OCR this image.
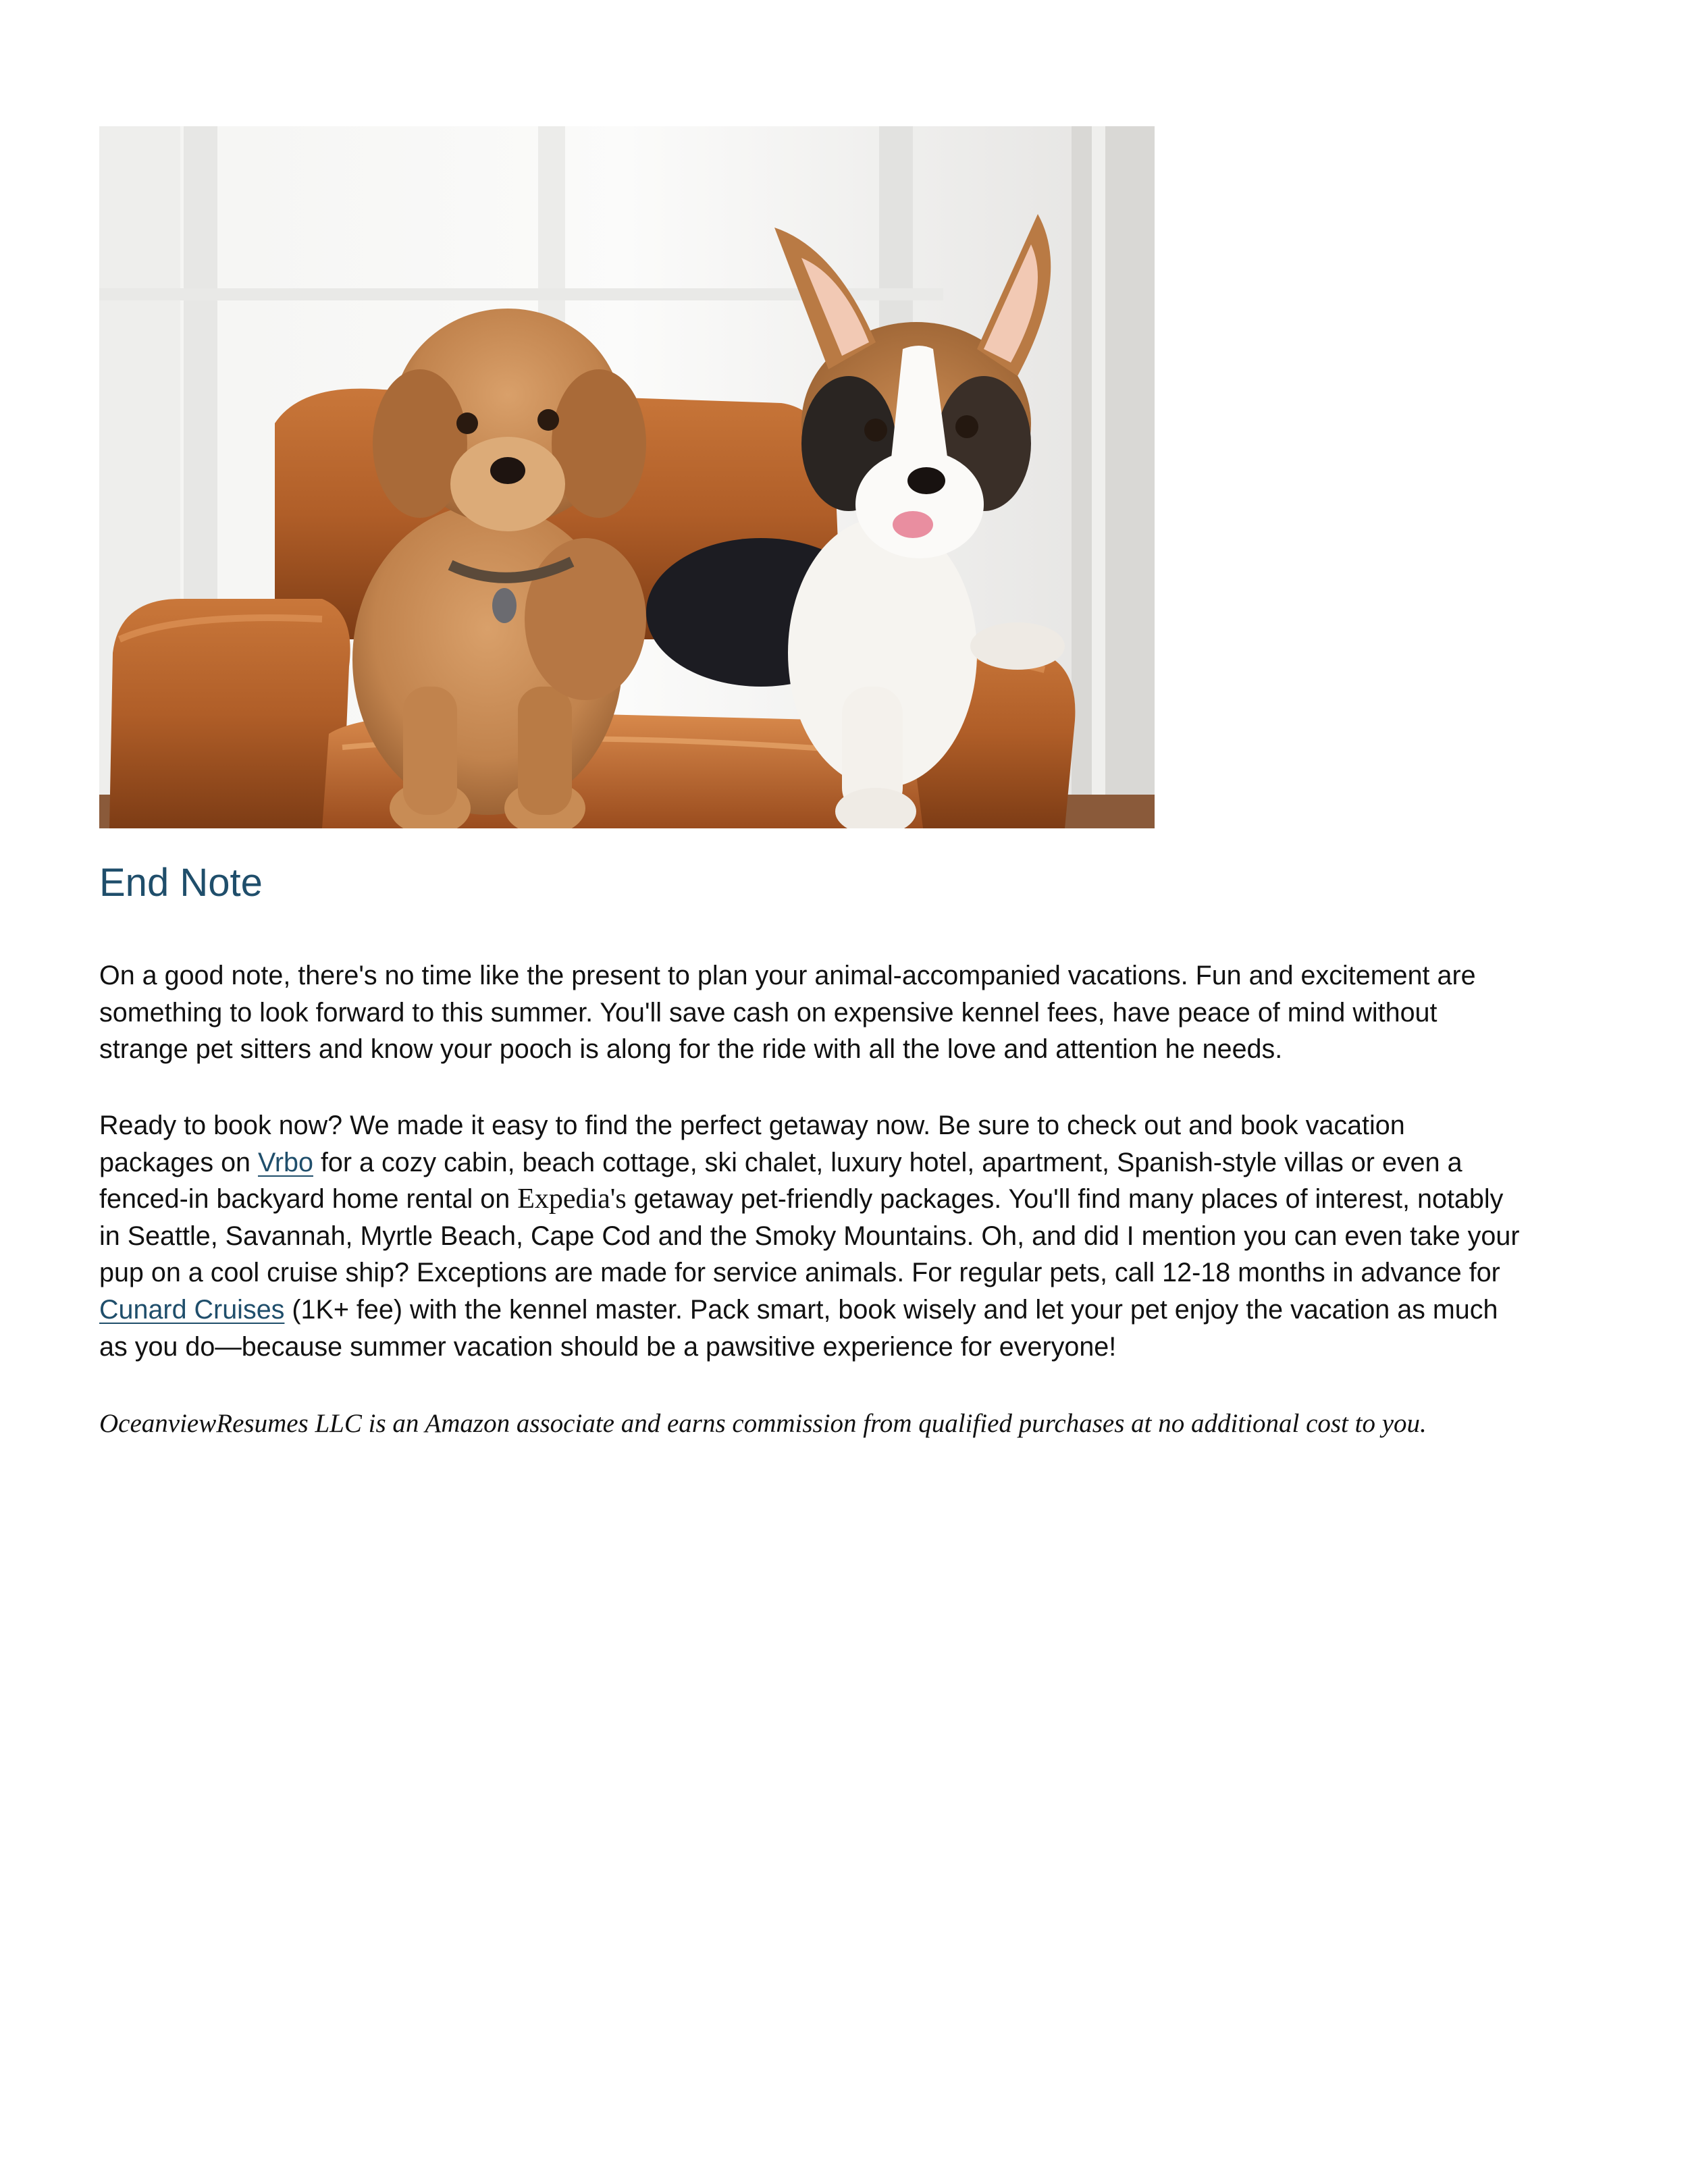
End Note

On a good note, there's no time like the present to plan your animal-accompanied vacations. Fun and excitement are something to look forward to this summer. You'll save cash on expensive kennel fees, have peace of mind without strange pet sitters and know your pooch is along for the ride with all the love and attention he needs.

Ready to book now? We made it easy to find the perfect getaway now. Be sure to check out and book vacation packages on Vrbo for a cozy cabin, beach cottage, ski chalet, luxury hotel, apartment, Spanish-style villas or even a fenced-in backyard home rental on Expedia's getaway pet-friendly packages. You'll find many places of interest, notably in Seattle, Savannah, Myrtle Beach, Cape Cod and the Smoky Mountains. Oh, and did I mention you can even take your pup on a cool cruise ship? Exceptions are made for service animals. For regular pets, call 12-18 months in advance for Cunard Cruises (1K+ fee) with the kennel master. Pack smart, book wisely and let your pet enjoy the vacation as much as you do—because summer vacation should be a pawsitive experience for everyone!

OceanviewResumes LLC is an Amazon associate and earns commission from qualified purchases at no additional cost to you.
